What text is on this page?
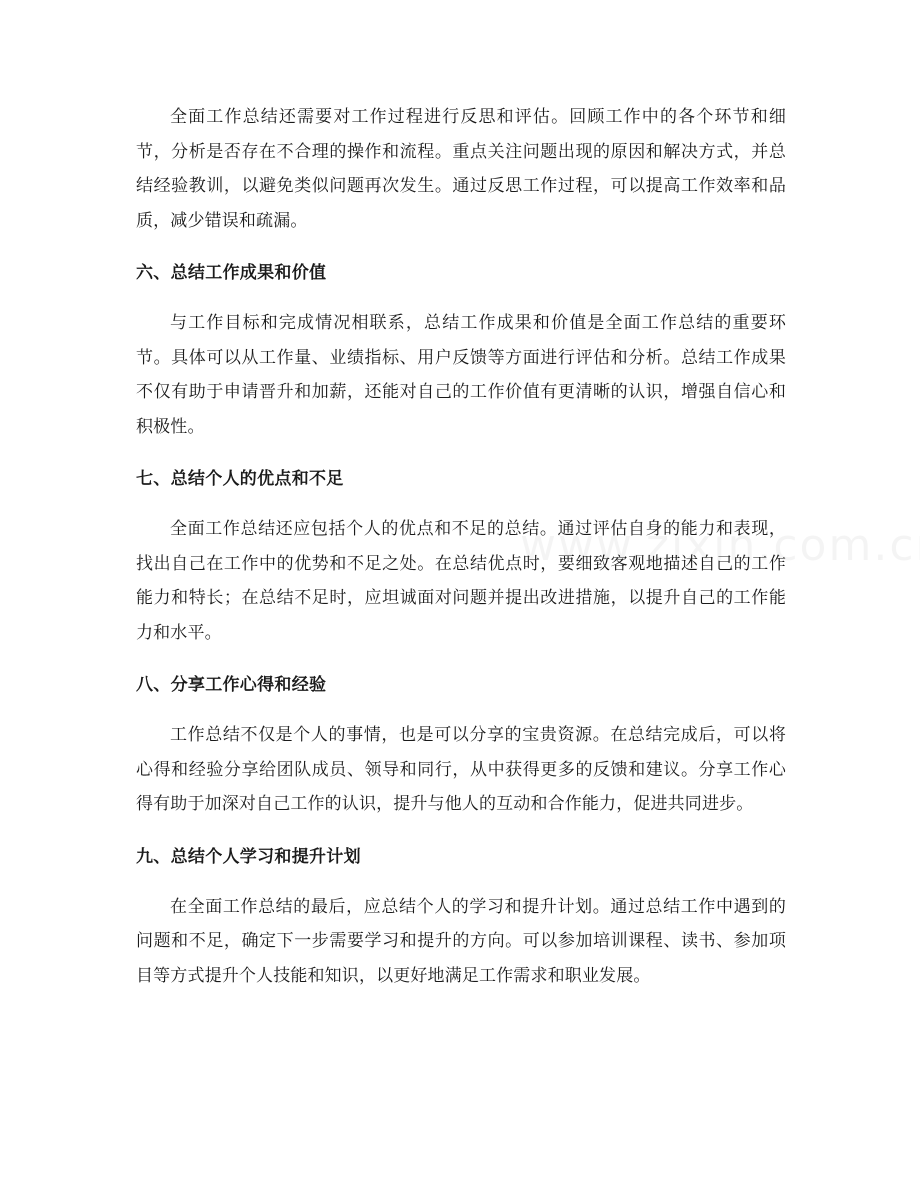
全面工作总结还需要对工作过程进行反思和评估。回顾工作中的各个环节和细节，分析是否存在不合理的操作和流程。重点关注问题出现的原因和解决方式，并总结经验教训，以避免类似问题再次发生。通过反思工作过程，可以提高工作效率和品质，减少错误和疏漏。

六、总结工作成果和价值

与工作目标和完成情况相联系，总结工作成果和价值是全面工作总结的重要环节。具体可以从工作量、业绩指标、用户反馈等方面进行评估和分析。总结工作成果不仅有助于申请晋升和加薪，还能对自己的工作价值有更清晰的认识，增强自信心和积极性。

七、总结个人的优点和不足

全面工作总结还应包括个人的优点和不足的总结。通过评估自身的能力和表现，找出自己在工作中的优势和不足之处。在总结优点时，要细致客观地描述自己的工作能力和特长；在总结不足时，应坦诚面对问题并提出改进措施，以提升自己的工作能力和水平。

八、分享工作心得和经验

工作总结不仅是个人的事情，也是可以分享的宝贵资源。在总结完成后，可以将心得和经验分享给团队成员、领导和同行，从中获得更多的反馈和建议。分享工作心得有助于加深对自己工作的认识，提升与他人的互动和合作能力，促进共同进步。

九、总结个人学习和提升计划

在全面工作总结的最后，应总结个人的学习和提升计划。通过总结工作中遇到的问题和不足，确定下一步需要学习和提升的方向。可以参加培训课程、读书、参加项目等方式提升个人技能和知识，以更好地满足工作需求和职业发展。
